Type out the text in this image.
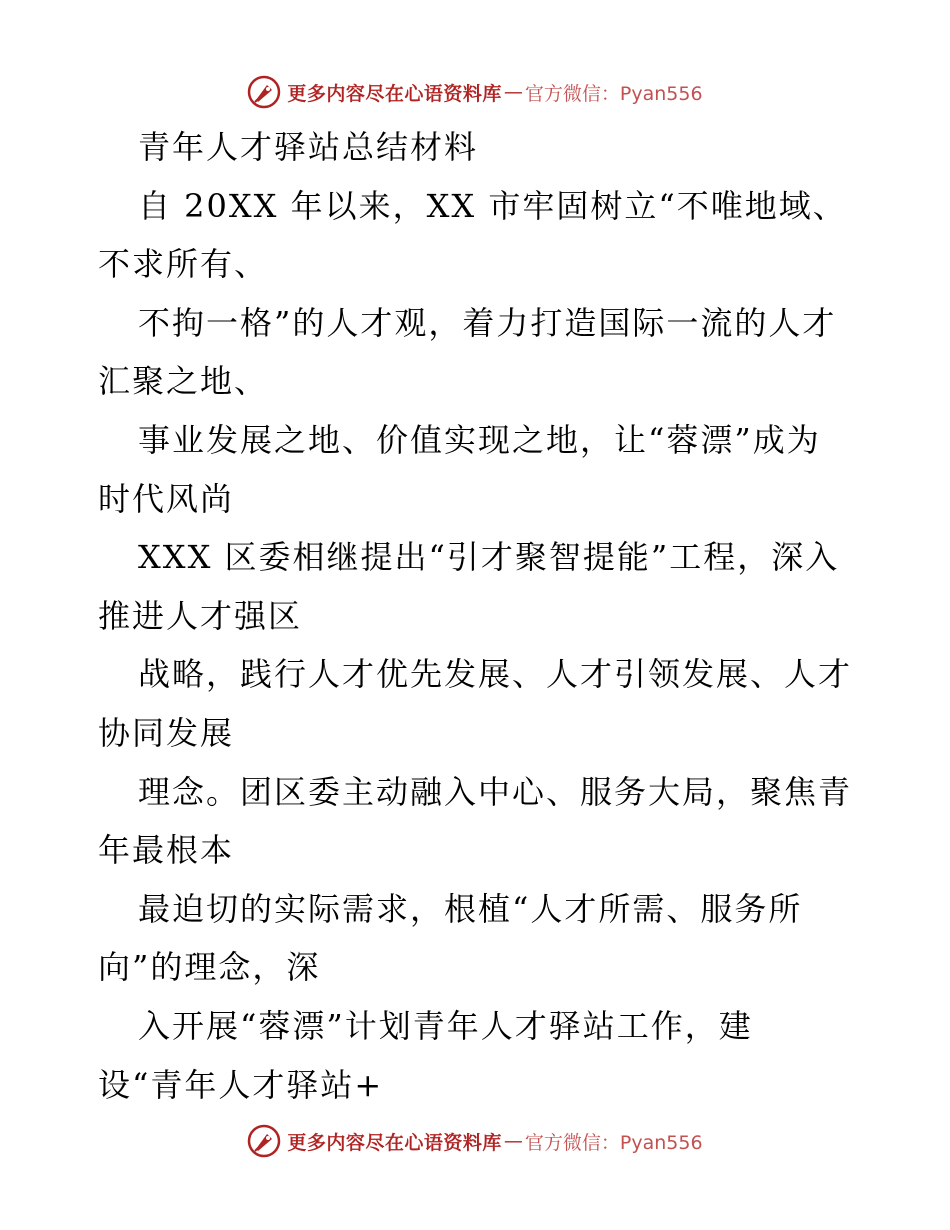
更多内容尽在心语资料库 — 官方微信：Pyan556
青年人才驿站总结材料
自 20XX 年以来，XX 市牢固树立“不唯地域、
不求所有、
不拘一格”的人才观，着力打造国际一流的人才
汇聚之地、
事业发展之地、价值实现之地，让“蓉漂”成为
时代风尚
XXX 区委相继提出“引才聚智提能”工程，深入
推进人才强区
战略，践行人才优先发展、人才引领发展、人才
协同发展
理念。团区委主动融入中心、服务大局，聚焦青
年最根本
最迫切的实际需求，根植“人才所需、服务所
向”的理念，深
入开展“蓉漂”计划青年人才驿站工作，建
设“青年人才驿站+
更多内容尽在心语资料库 — 官方微信：Pyan556
